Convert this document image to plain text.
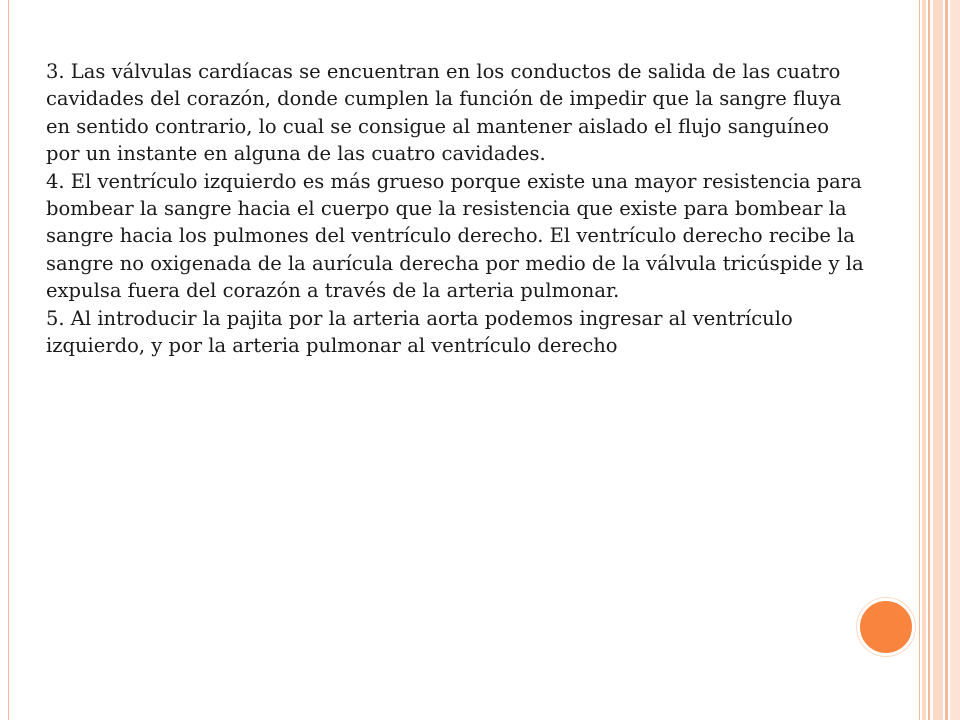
3. Las válvulas cardíacas se encuentran en los conductos de salida de las cuatro cavidades del corazón, donde cumplen la función de impedir que la sangre fluya en sentido contrario, lo cual se consigue al mantener aislado el flujo sanguíneo por un instante en alguna de las cuatro cavidades.

4. El ventrículo izquierdo es más grueso porque existe una mayor resistencia para bombear la sangre hacia el cuerpo que la resistencia que existe para bombear la sangre hacia los pulmones del ventrículo derecho. El ventrículo derecho recibe la sangre no oxigenada de la aurícula derecha por medio de la válvula tricúspide y la expulsa fuera del corazón a través de la arteria pulmonar.

5. Al introducir la pajita por la arteria aorta podemos ingresar al ventrículo izquierdo, y por la arteria pulmonar al ventrículo derecho
